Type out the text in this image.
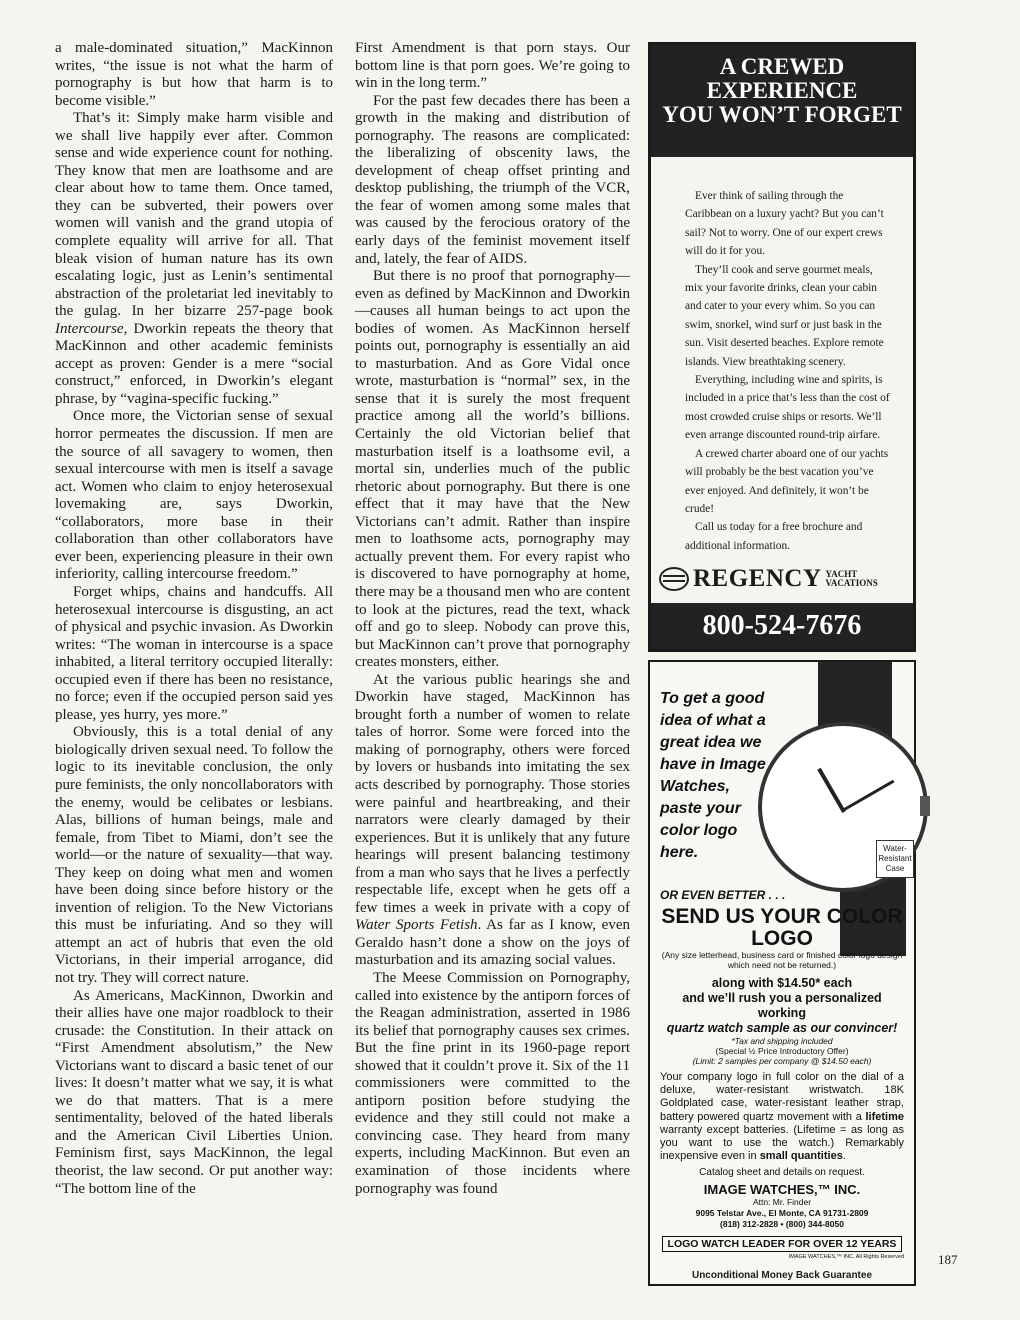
a male-dominated situation,” MacKinnon writes, “the issue is not what the harm of pornography is but how that harm is to become visible.”

That’s it: Simply make harm visible and we shall live happily ever after. Common sense and wide experience count for nothing. They know that men are loathsome and are clear about how to tame them. Once tamed, they can be subverted, their powers over women will vanish and the grand utopia of complete equality will arrive for all. That bleak vision of human nature has its own escalating logic, just as Lenin’s sentimental abstraction of the proletariat led inevitably to the gulag. In her bizarre 257-page book Intercourse, Dworkin repeats the theory that MacKinnon and other academic feminists accept as proven: Gender is a mere “social construct,” enforced, in Dworkin’s elegant phrase, by “vagina-specific fucking.”

Once more, the Victorian sense of sexual horror permeates the discussion. If men are the source of all savagery to women, then sexual intercourse with men is itself a savage act. Women who claim to enjoy heterosexual lovemaking are, says Dworkin, “collaborators, more base in their collaboration than other collaborators have ever been, experiencing pleasure in their own inferiority, calling intercourse freedom.”

Forget whips, chains and handcuffs. All heterosexual intercourse is disgusting, an act of physical and psychic invasion. As Dworkin writes: “The woman in intercourse is a space inhabited, a literal territory occupied literally: occupied even if there has been no resistance, no force; even if the occupied person said yes please, yes hurry, yes more.”

Obviously, this is a total denial of any biologically driven sexual need. To follow the logic to its inevitable conclusion, the only pure feminists, the only noncollaborators with the enemy, would be celibates or lesbians. Alas, billions of human beings, male and female, from Tibet to Miami, don’t see the world—or the nature of sexuality—that way. They keep on doing what men and women have been doing since before history or the invention of religion. To the New Victorians this must be infuriating. And so they will attempt an act of hubris that even the old Victorians, in their imperial arrogance, did not try. They will correct nature.

As Americans, MacKinnon, Dworkin and their allies have one major roadblock to their crusade: the Constitution. In their attack on “First Amendment absolutism,” the New Victorians want to discard a basic tenet of our lives: It doesn’t matter what we say, it is what we do that matters. That is a mere sentimentality, beloved of the hated liberals and the American Civil Liberties Union. Feminism first, says MacKinnon, the legal theorist, the law second. Or put another way: “The bottom line of the

First Amendment is that porn stays. Our bottom line is that porn goes. We’re going to win in the long term.”

For the past few decades there has been a growth in the making and distribution of pornography. The reasons are complicated: the liberalizing of obscenity laws, the development of cheap offset printing and desktop publishing, the triumph of the VCR, the fear of women among some males that was caused by the ferocious oratory of the early days of the feminist movement itself and, lately, the fear of AIDS.

But there is no proof that pornography—even as defined by MacKinnon and Dworkin—causes all human beings to act upon the bodies of women. As MacKinnon herself points out, pornography is essentially an aid to masturbation. And as Gore Vidal once wrote, masturbation is “normal” sex, in the sense that it is surely the most frequent practice among all the world’s billions. Certainly the old Victorian belief that masturbation itself is a loathsome evil, a mortal sin, underlies much of the public rhetoric about pornography. But there is one effect that it may have that the New Victorians can’t admit. Rather than inspire men to loathsome acts, pornography may actually prevent them. For every rapist who is discovered to have pornography at home, there may be a thousand men who are content to look at the pictures, read the text, whack off and go to sleep. Nobody can prove this, but MacKinnon can’t prove that pornography creates monsters, either.

At the various public hearings she and Dworkin have staged, MacKinnon has brought forth a number of women to relate tales of horror. Some were forced into the making of pornography, others were forced by lovers or husbands into imitating the sex acts described by pornography. Those stories were painful and heartbreaking, and their narrators were clearly damaged by their experiences. But it is unlikely that any future hearings will present balancing testimony from a man who says that he lives a perfectly respectable life, except when he gets off a few times a week in private with a copy of Water Sports Fetish. As far as I know, even Geraldo hasn’t done a show on the joys of masturbation and its amazing social values.

The Meese Commission on Pornography, called into existence by the antiporn forces of the Reagan administration, asserted in 1986 its belief that pornography causes sex crimes. But the fine print in its 1960-page report showed that it couldn’t prove it. Six of the 11 commissioners were committed to the antiporn position before studying the evidence and they still could not make a convincing case. They heard from many experts, including MacKinnon. But even an examination of those incidents where pornography was found

A CREWED
EXPERIENCE
YOU WON’T FORGET

Ever think of sailing through the Caribbean on a luxury yacht? But you can’t sail? Not to worry. One of our expert crews will do it for you.

They’ll cook and serve gourmet meals, mix your favorite drinks, clean your cabin and cater to your every whim. So you can swim, snorkel, wind surf or just bask in the sun. Visit deserted beaches. Explore remote islands. View breathtaking scenery.

Everything, including wine and spirits, is included in a price that’s less than the cost of most crowded cruise ships or resorts. We’ll even arrange discounted round-trip airfare.

A crewed charter aboard one of our yachts will probably be the best vacation you’ve ever enjoyed. And definitely, it won’t be crude!

Call us today for a free brochure and additional information.

REGENCY YACHT
VACATIONS
800-524-7676
To get a good idea of what a great idea we have in Image Watches, paste your color logo here.	Water-Resistant Case
OR EVEN BETTER . . .
SEND US YOUR COLOR LOGO
(Any size letterhead, business card or finished color logo design which need not be returned.)
along with $14.50* each
and we’ll rush you a personalized working
quartz watch sample as our convincer!
*Tax and shipping included
(Special ½ Price Introductory Offer)
(Limit: 2 samples per company @ $14.50 each)
Your company logo in full color on the dial of a deluxe, water-resistant wristwatch. 18K Goldplated case, water-resistant leather strap, battery powered quartz movement with a lifetime warranty except batteries. (Lifetime = as long as you want to use the watch.) Remarkably inexpensive even in small quantities.
Catalog sheet and details on request.
IMAGE WATCHES,™ INC.
Attn: Mr. Finder
9095 Telstar Ave., El Monte, CA 91731-2809
(818) 312-2828 • (800) 344-8050
LOGO WATCH LEADER FOR OVER 12 YEARS
IMAGE WATCHES,™ INC. All Rights Reserved
Unconditional Money Back Guarantee
187
